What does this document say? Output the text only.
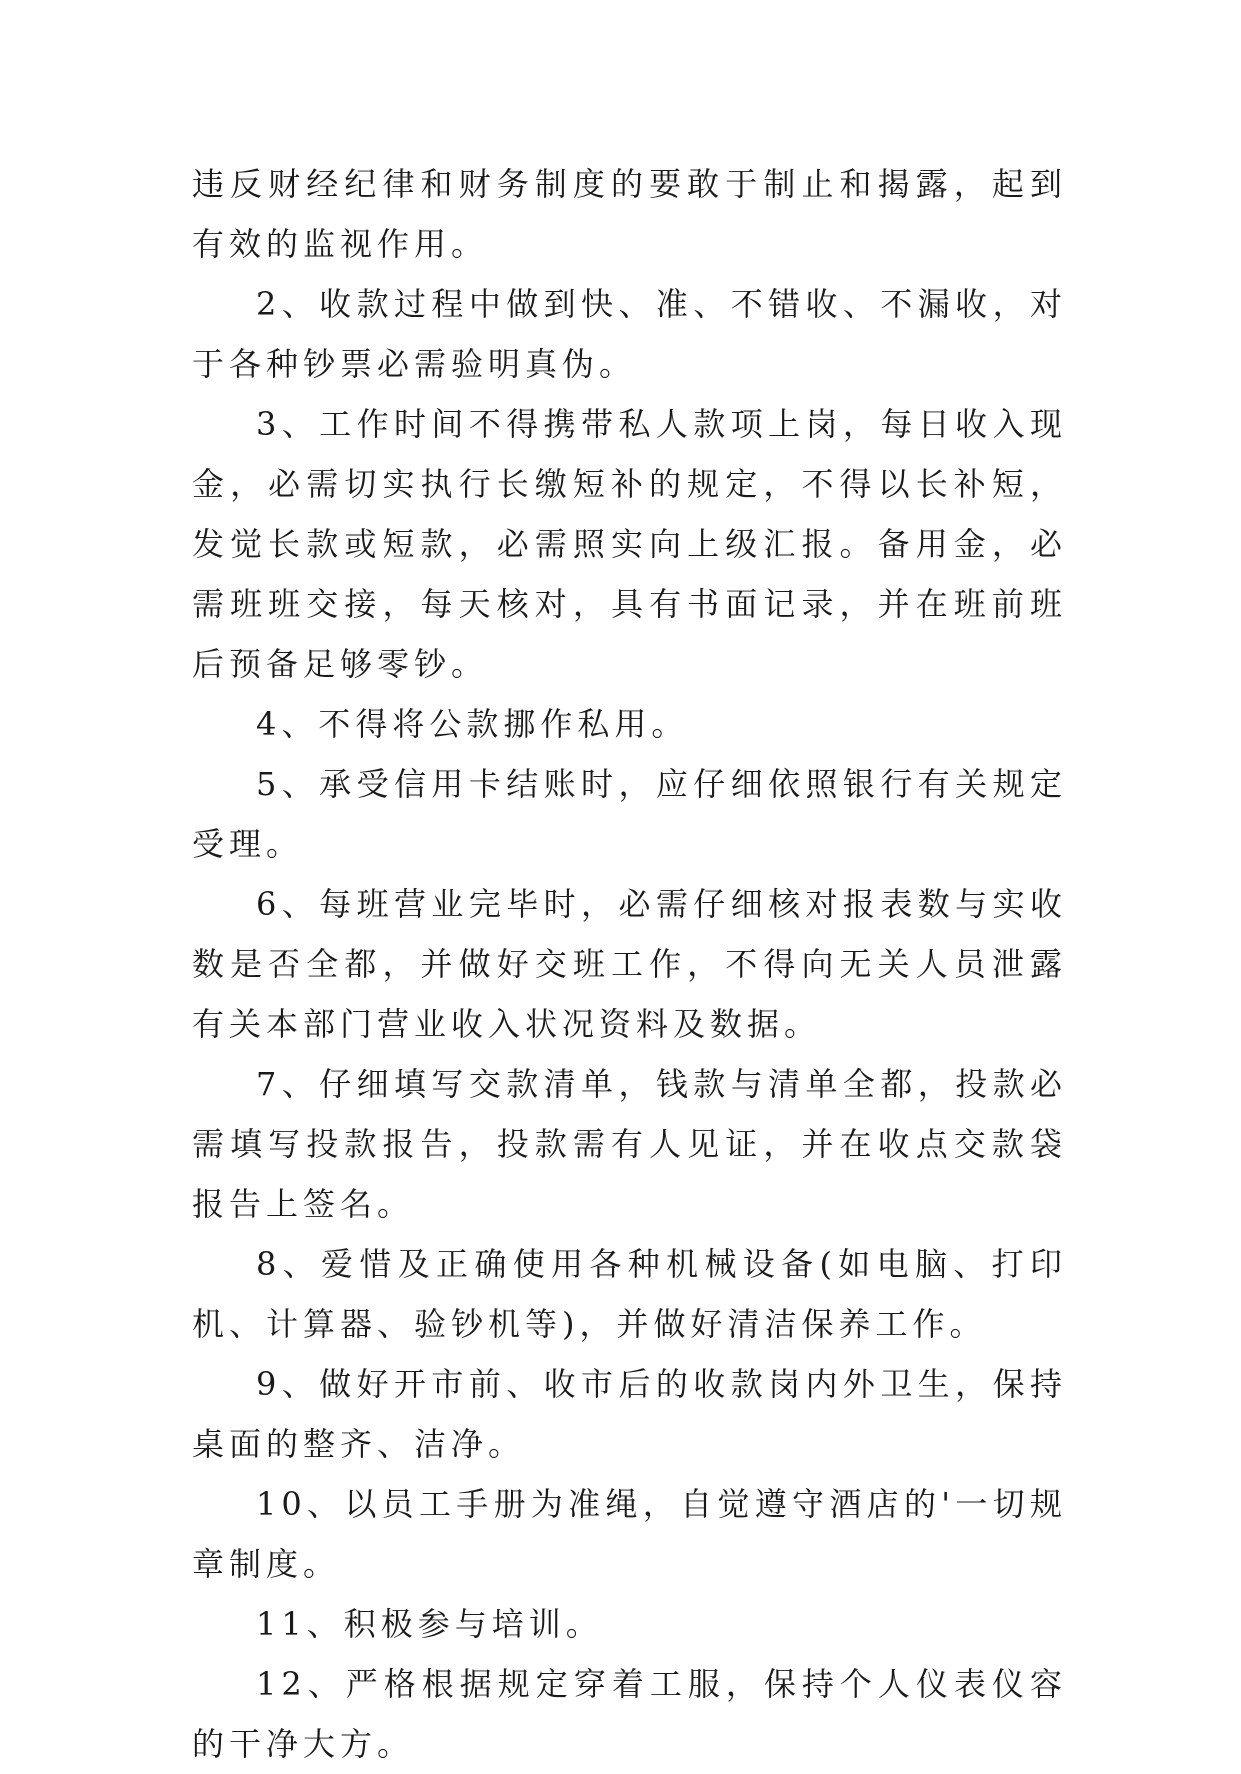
违反财经纪律和财务制度的要敢于制止和揭露，起到有效的监视作用。

2、收款过程中做到快、准、不错收、不漏收，对于各种钞票必需验明真伪。

3、工作时间不得携带私人款项上岗，每日收入现金，必需切实执行长缴短补的规定，不得以长补短，发觉长款或短款，必需照实向上级汇报。备用金，必需班班交接，每天核对，具有书面记录，并在班前班后预备足够零钞。

4、不得将公款挪作私用。

5、承受信用卡结账时，应仔细依照银行有关规定受理。

6、每班营业完毕时，必需仔细核对报表数与实收数是否全都，并做好交班工作，不得向无关人员泄露有关本部门营业收入状况资料及数据。

7、仔细填写交款清单，钱款与清单全都，投款必需填写投款报告，投款需有人见证，并在收点交款袋报告上签名。

8、爱惜及正确使用各种机械设备(如电脑、打印机、计算器、验钞机等)，并做好清洁保养工作。

9、做好开市前、收市后的收款岗内外卫生，保持桌面的整齐、洁净。

10、以员工手册为准绳，自觉遵守酒店的'一切规章制度。

11、积极参与培训。

12、严格根据规定穿着工服，保持个人仪表仪容的干净大方。
